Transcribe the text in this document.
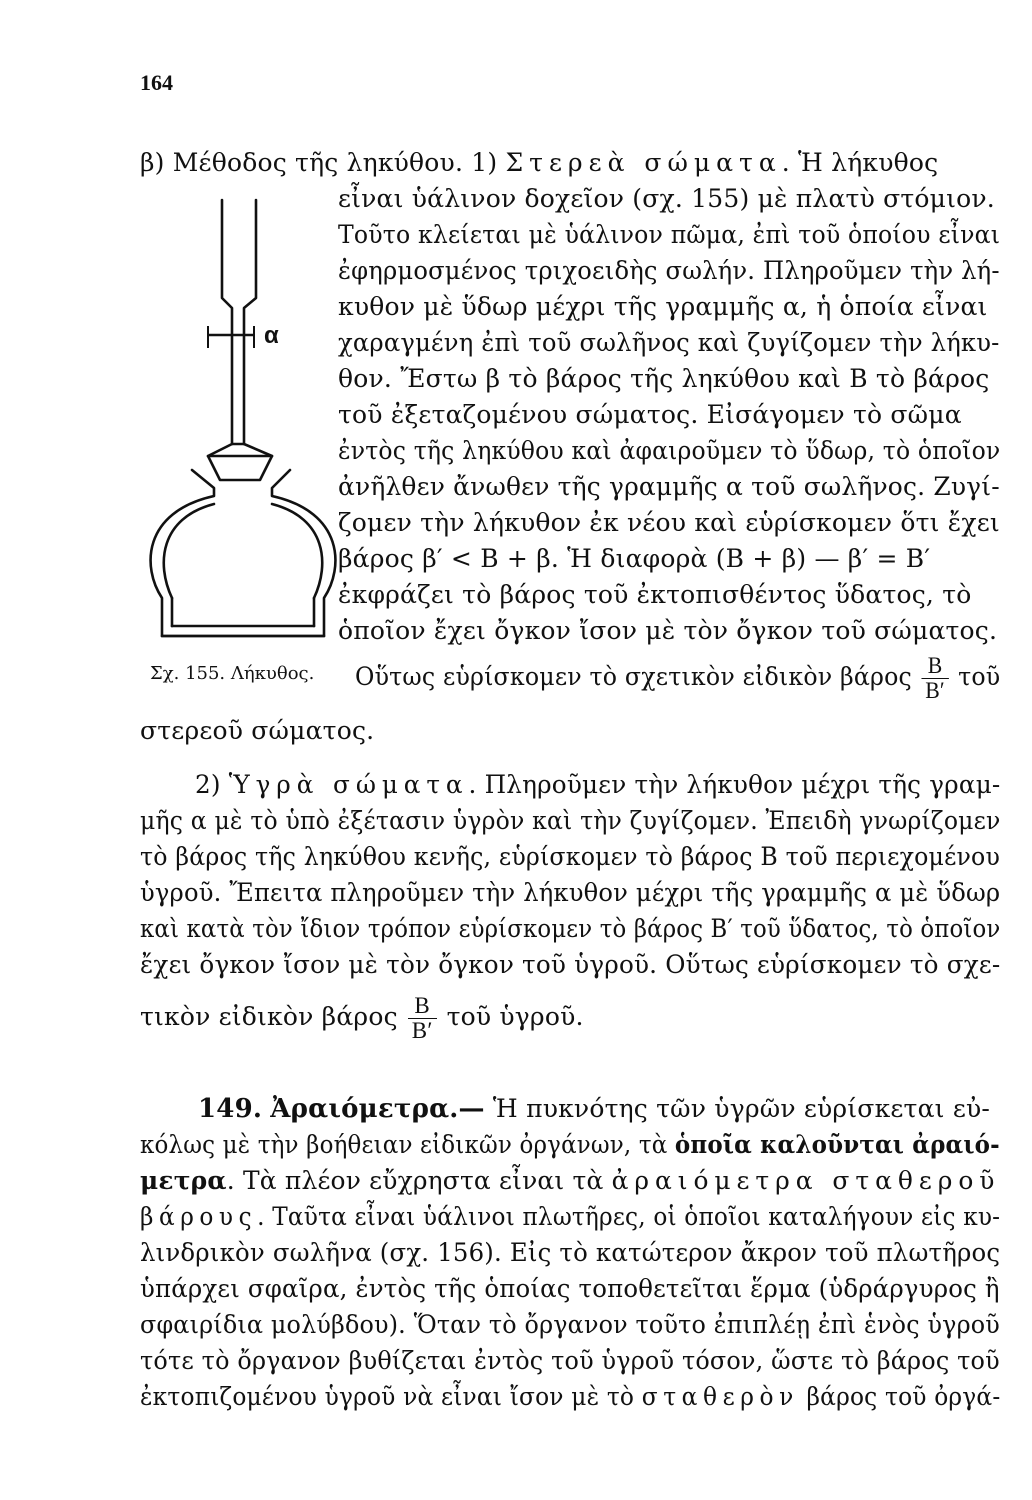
164
α
Σχ. 155. Λήκυθος.
β) Μέθοδος τῆς ληκύθου. 1) Στερεὰ σώματα. Ἡ λήκυθος
εἶναι ὑάλινον δοχεῖον (σχ. 155) μὲ πλατὺ στόμιον.
Τοῦτο κλείεται μὲ ὑάλινον πῶμα, ἐπὶ τοῦ ὁποίου εἶναι
ἐφηρμοσμένος τριχοειδὴς σωλήν. Πληροῦμεν τὴν λή-
κυθον μὲ ὕδωρ μέχρι τῆς γραμμῆς α, ἡ ὁποία εἶναι
χαραγμένη ἐπὶ τοῦ σωλῆνος καὶ ζυγίζομεν τὴν λήκυ-
θον. Ἔστω β τὸ βάρος τῆς ληκύθου καὶ Β τὸ βάρος
τοῦ ἐξεταζομένου σώματος. Εἰσάγομεν τὸ σῶμα
ἐντὸς τῆς ληκύθου καὶ ἀφαιροῦμεν τὸ ὕδωρ, τὸ ὁποῖον
ἀνῆλθεν ἄνωθεν τῆς γραμμῆς α τοῦ σωλῆνος. Ζυγί-
ζομεν τὴν λήκυθον ἐκ νέου καὶ εὑρίσκομεν ὅτι ἔχει
βάρος β′ < Β + β. Ἡ διαφορὰ (Β + β) — β′ = Β′
ἐκφράζει τὸ βάρος τοῦ ἐκτοπισθέντος ὕδατος, τὸ
ὁποῖον ἔχει ὄγκον ἴσον μὲ τὸν ὄγκον τοῦ σώματος.
Οὕτως εὑρίσκομεν τὸ σχετικὸν εἰδικὸν βάρος $\frac{B}{B'}$ τοῦ
στερεοῦ σώματος.
2) Ὑγρὰ σώματα. Πληροῦμεν τὴν λήκυθον μέχρι τῆς γραμ-
μῆς α μὲ τὸ ὑπὸ ἐξέτασιν ὑγρὸν καὶ τὴν ζυγίζομεν. Ἐπειδὴ γνωρίζομεν
τὸ βάρος τῆς ληκύθου κενῆς, εὑρίσκομεν τὸ βάρος Β τοῦ περιεχομένου
ὑγροῦ. Ἔπειτα πληροῦμεν τὴν λήκυθον μέχρι τῆς γραμμῆς α μὲ ὕδωρ
καὶ κατὰ τὸν ἴδιον τρόπον εὑρίσκομεν τὸ βάρος Β′ τοῦ ὕδατος, τὸ ὁποῖον
ἔχει ὄγκον ἴσον μὲ τὸν ὄγκον τοῦ ὑγροῦ. Οὕτως εὑρίσκομεν τὸ σχε-
τικὸν εἰδικὸν βάρος $\frac{B}{B'}$ τοῦ ὑγροῦ.
149. Ἀραιόμετρα.— Ἡ πυκνότης τῶν ὑγρῶν εὑρίσκεται εὐ-
κόλως μὲ τὴν βοήθειαν εἰδικῶν ὀργάνων, τὰ ὁποῖα καλοῦνται ἀραιό-
μετρα. Τὰ πλέον εὔχρηστα εἶναι τὰ ἀραιόμετρα σταθεροῦ
βάρους. Ταῦτα εἶναι ὑάλινοι πλωτῆρες, οἱ ὁποῖοι καταλήγουν εἰς κυ-
λινδρικὸν σωλῆνα (σχ. 156). Εἰς τὸ κατώτερον ἄκρον τοῦ πλωτῆρος
ὑπάρχει σφαῖρα, ἐντὸς τῆς ὁποίας τοποθετεῖται ἕρμα (ὑδράργυρος ἢ
σφαιρίδια μολύβδου). Ὅταν τὸ ὄργανον τοῦτο ἐπιπλέῃ ἐπὶ ἑνὸς ὑγροῦ
τότε τὸ ὄργανον βυθίζεται ἐντὸς τοῦ ὑγροῦ τόσον, ὥστε τὸ βάρος τοῦ
ἐκτοπιζομένου ὑγροῦ νὰ εἶναι ἴσον μὲ τὸ σταθερὸν βάρος τοῦ ὀργά-
